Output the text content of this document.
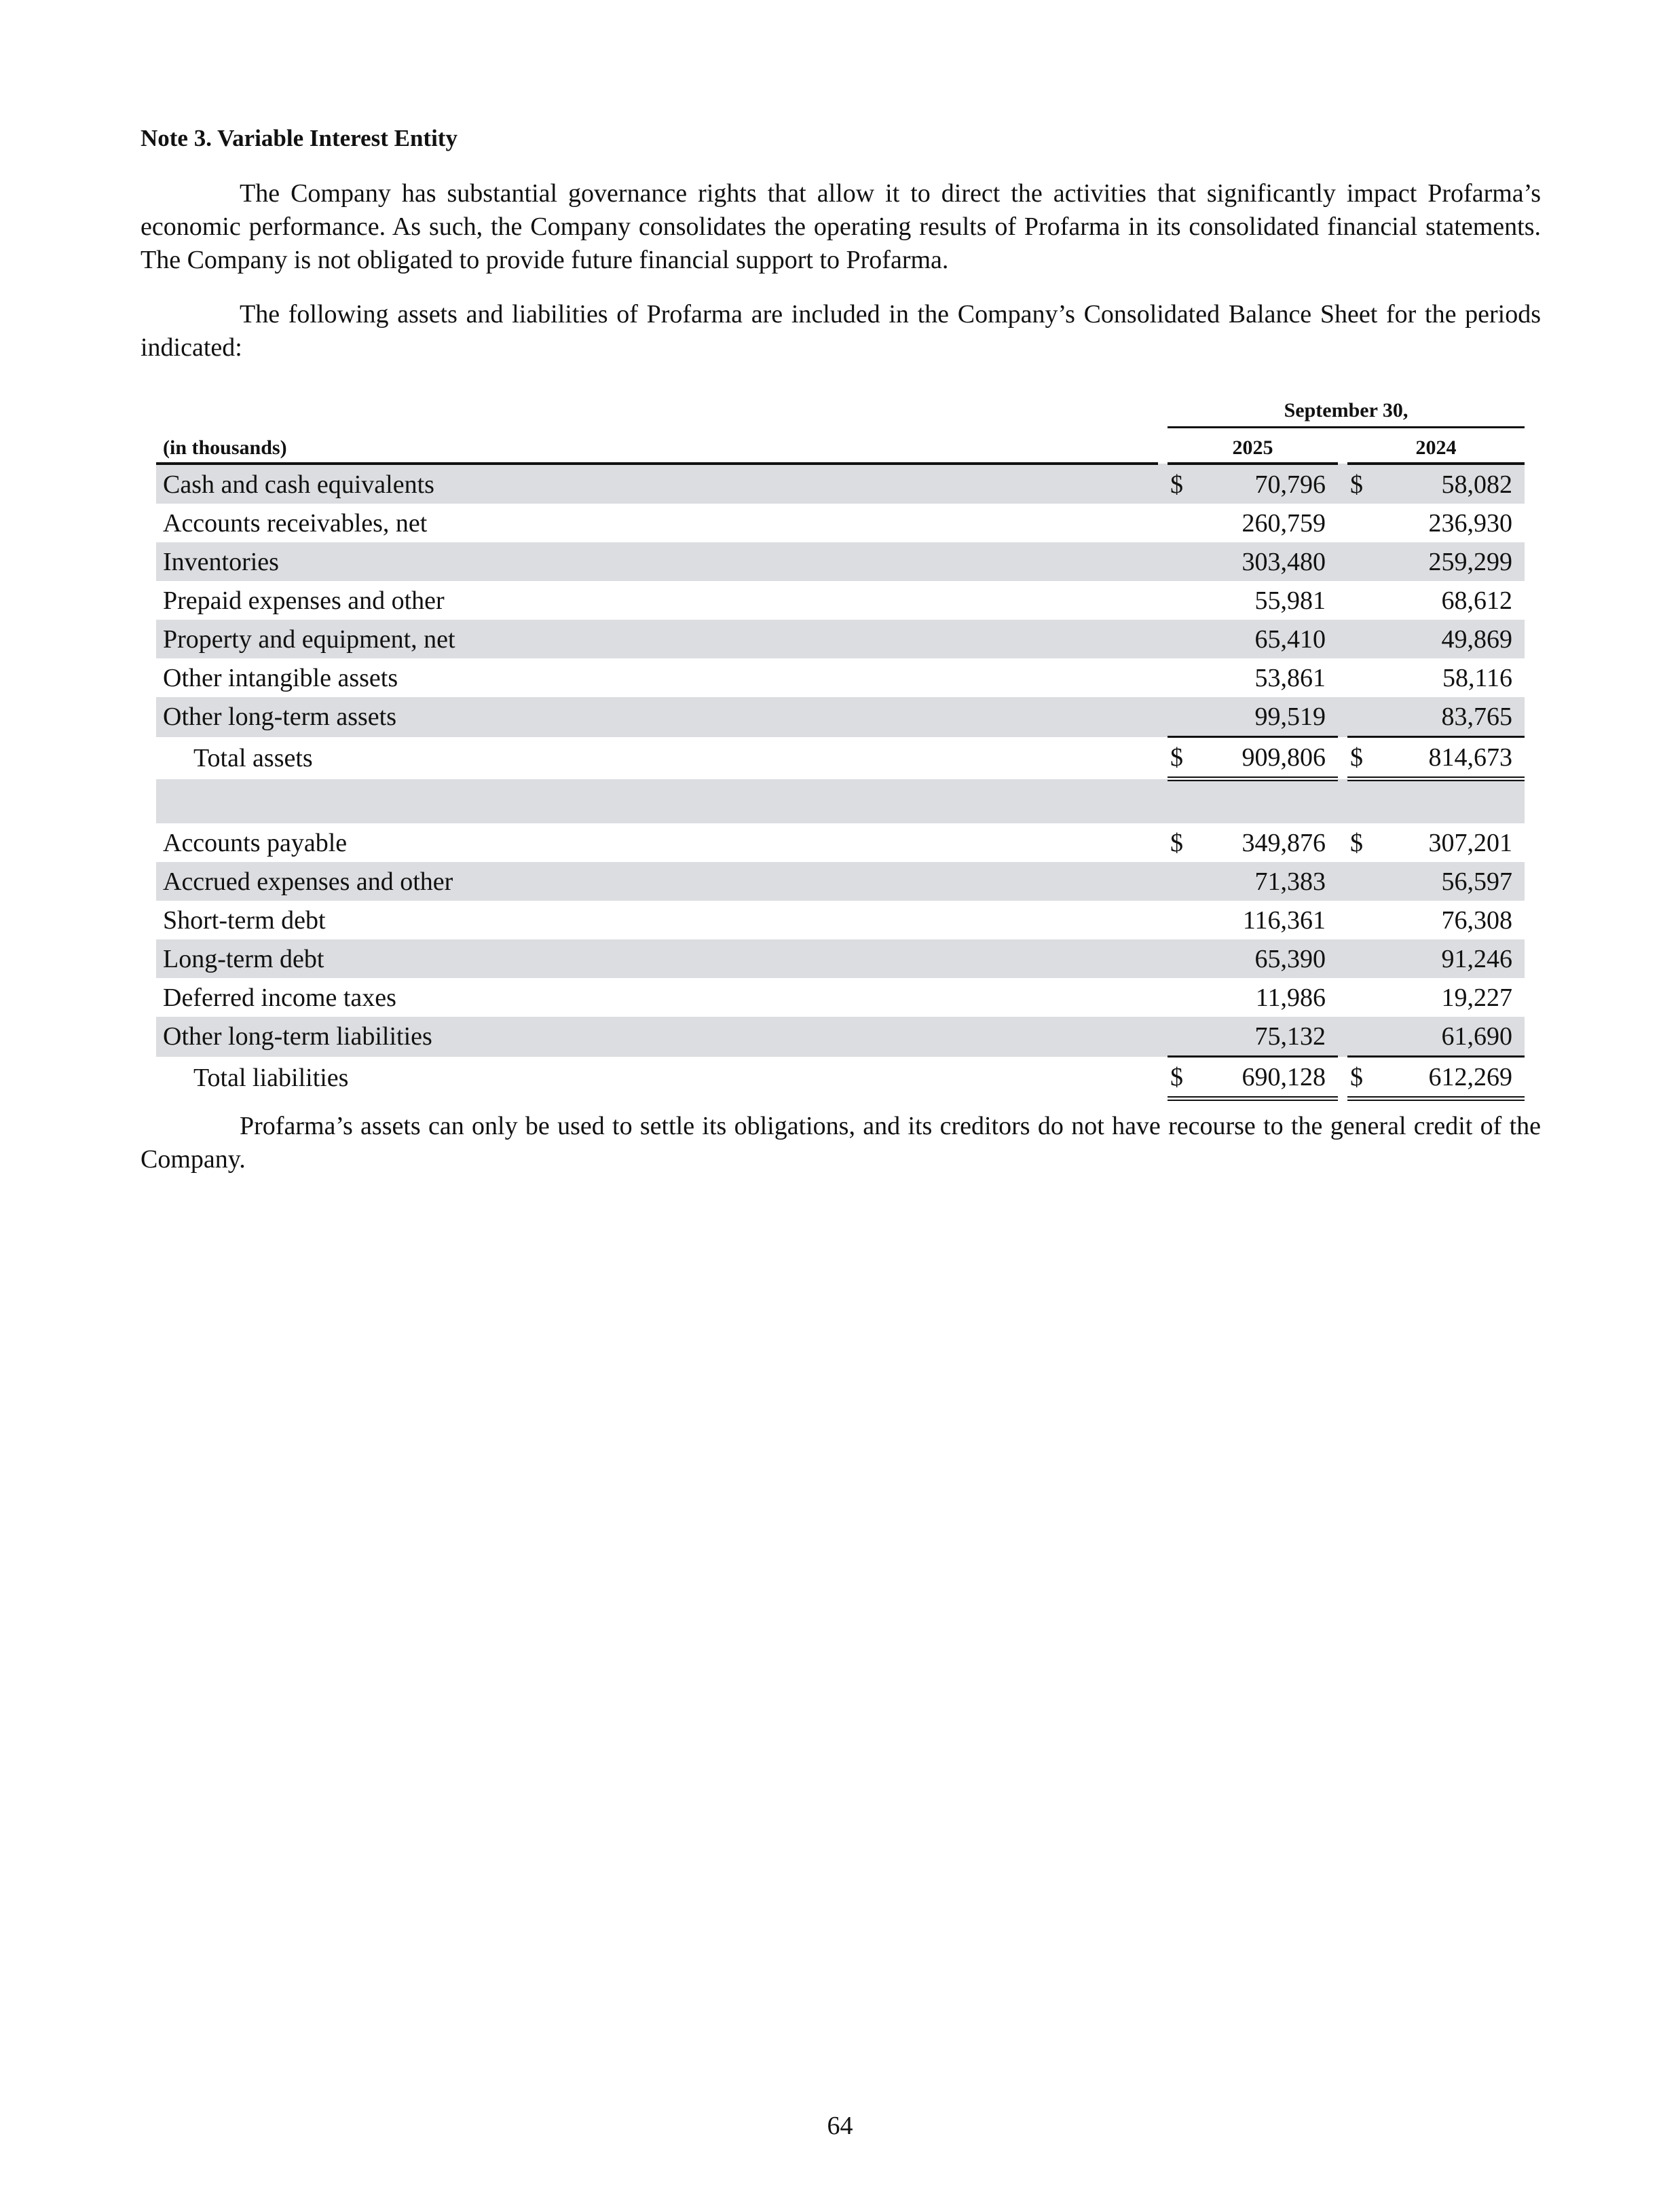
Note 3. Variable Interest Entity

The Company has substantial governance rights that allow it to direct the activities that significantly impact Profarma’s economic performance. As such, the Company consolidates the operating results of Profarma in its consolidated financial statements. The Company is not obligated to provide future financial support to Profarma.

The following assets and liabilities of Profarma are included in the Company’s Consolidated Balance Sheet for the periods indicated:

		September 30,				
(in thousands)		2025			2024	
Cash and cash equivalents		$	70,796		$	58,082
Accounts receivables, net			260,759			236,930
Inventories			303,480			259,299
Prepaid expenses and other			55,981			68,612
Property and equipment, net			65,410			49,869
Other intangible assets			53,861			58,116
Other long-term assets			99,519			83,765
Total assets		$	909,806		$	814,673

Accounts payable		$	349,876		$	307,201
Accrued expenses and other			71,383			56,597
Short-term debt			116,361			76,308
Long-term debt			65,390			91,246
Deferred income taxes			11,986			19,227
Other long-term liabilities			75,132			61,690
Total liabilities		$	690,128		$	612,269

Profarma’s assets can only be used to settle its obligations, and its creditors do not have recourse to the general credit of the Company.

64
